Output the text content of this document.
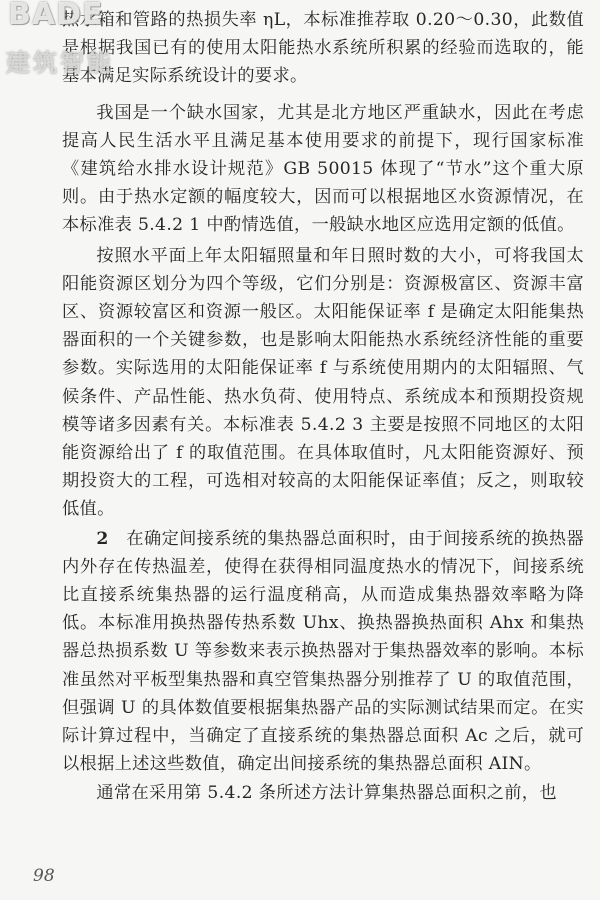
BADE
建筑智能

热水箱和管路的热损失率 ηL，本标准推荐取 0.20～0.30，此数值是根据我国已有的使用太阳能热水系统所积累的经验而选取的，能基本满足实际系统设计的要求。

我国是一个缺水国家，尤其是北方地区严重缺水，因此在考虑提高人民生活水平且满足基本使用要求的前提下，现行国家标准《建筑给水排水设计规范》GB 50015 体现了“节水”这个重大原则。由于热水定额的幅度较大，因而可以根据地区水资源情况，在本标准表 5.4.2 1 中酌情选值，一般缺水地区应选用定额的低值。

按照水平面上年太阳辐照量和年日照时数的大小，可将我国太阳能资源区划分为四个等级，它们分别是：资源极富区、资源丰富区、资源较富区和资源一般区。太阳能保证率 f 是确定太阳能集热器面积的一个关键参数，也是影响太阳能热水系统经济性能的重要参数。实际选用的太阳能保证率 f 与系统使用期内的太阳辐照、气候条件、产品性能、热水负荷、使用特点、系统成本和预期投资规模等诸多因素有关。本标准表 5.4.2 3 主要是按照不同地区的太阳能资源给出了 f 的取值范围。在具体取值时，凡太阳能资源好、预期投资大的工程，可选相对较高的太阳能保证率值；反之，则取较低值。

2　 在确定间接系统的集热器总面积时，由于间接系统的换热器内外存在传热温差，使得在获得相同温度热水的情况下，间接系统比直接系统集热器的运行温度稍高，从而造成集热器效率略为降低。本标准用换热器传热系数 Uhx、换热器换热面积 Ahx 和集热器总热损系数 U 等参数来表示换热器对于集热器效率的影响。本标准虽然对平板型集热器和真空管集热器分别推荐了 U 的取值范围，但强调 U 的具体数值要根据集热器产品的实际测试结果而定。在实际计算过程中，当确定了直接系统的集热器总面积 Ac 之后，就可以根据上述这些数值，确定出间接系统的集热器总面积 AIN。

通常在采用第 5.4.2 条所述方法计算集热器总面积之前，也

98
